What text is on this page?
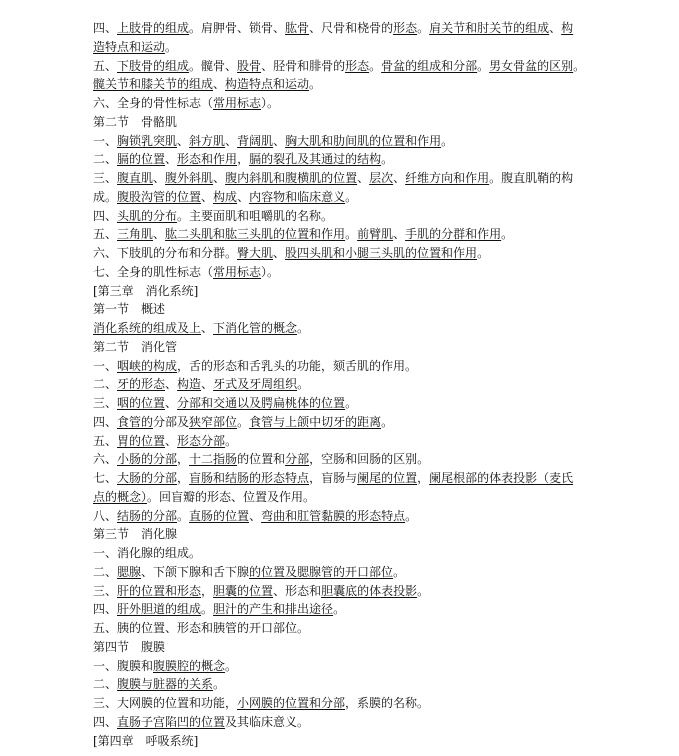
四、上肢骨的组成。肩胛骨、锁骨、肱骨、尺骨和桡骨的形态。肩关节和肘关节的组成、构
造特点和运动。
五、下肢骨的组成。髋骨、股骨、胫骨和腓骨的形态。骨盆的组成和分部。男女骨盆的区别。
髋关节和膝关节的组成、构造特点和运动。
六、全身的骨性标志（常用标志）。
第二节　骨骼肌
一、胸锁乳突肌、斜方肌、背阔肌、胸大肌和肋间肌的位置和作用。
二、膈的位置、形态和作用，膈的裂孔及其通过的结构。
三、腹直肌、腹外斜肌、腹内斜肌和腹横肌的位置、层次、纤维方向和作用。腹直肌鞘的构
成。腹股沟管的位置、构成、内容物和临床意义。
四、头肌的分布。主要面肌和咀嚼肌的名称。
五、三角肌、肱二头肌和肱三头肌的位置和作用。前臂肌、手肌的分群和作用。
六、下肢肌的分布和分群。臀大肌、股四头肌和小腿三头肌的位置和作用。
七、全身的肌性标志（常用标志）。
[第三章　消化系统]
第一节　概述
消化系统的组成及上、下消化管的概念。
第二节　消化管
一、咽峡的构成，舌的形态和舌乳头的功能，颏舌肌的作用。
二、牙的形态、构造、牙式及牙周组织。
三、咽的位置、分部和交通以及腭扁桃体的位置。
四、食管的分部及狭窄部位。食管与上颌中切牙的距离。
五、胃的位置、形态分部。
六、小肠的分部，十二指肠的位置和分部，空肠和回肠的区别。
七、大肠的分部，盲肠和结肠的形态特点，盲肠与阑尾的位置，阑尾根部的体表投影（麦氏
点的概念）。回盲瓣的形态、位置及作用。
八、结肠的分部。直肠的位置、弯曲和肛管黏膜的形态特点。
第三节　消化腺
一、消化腺的组成。
二、腮腺、下颌下腺和舌下腺的位置及腮腺管的开口部位。
三、肝的位置和形态，胆囊的位置、形态和胆囊底的体表投影。
四、肝外胆道的组成。胆汁的产生和排出途径。
五、胰的位置、形态和胰管的开口部位。
第四节　腹膜
一、腹膜和腹膜腔的概念。
二、腹膜与脏器的关系。
三、大网膜的位置和功能，小网膜的位置和分部，系膜的名称。
四、直肠子宫陷凹的位置及其临床意义。
[第四章　呼吸系统]
